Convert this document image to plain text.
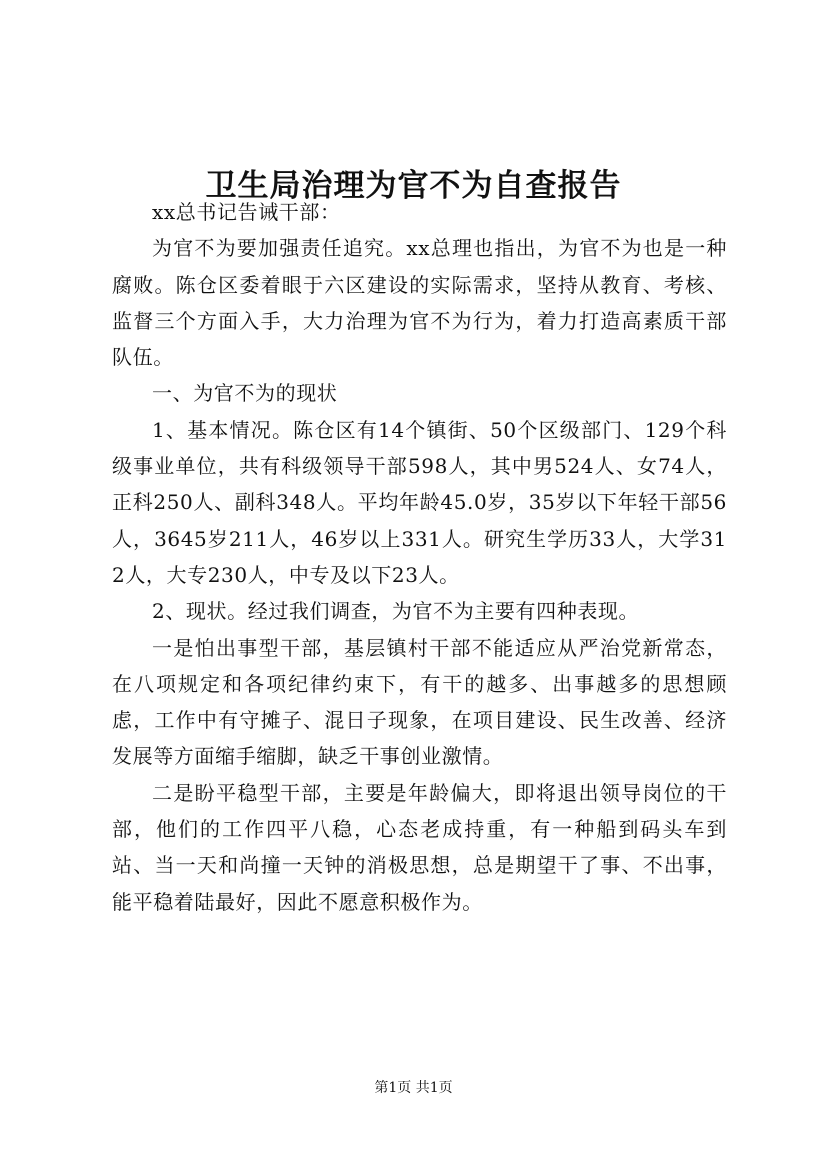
卫生局治理为官不为自查报告

xx总书记告诫干部：

为官不为要加强责任追究。xx总理也指出，为官不为也是一种腐败。陈仓区委着眼于六区建设的实际需求，坚持从教育、考核、监督三个方面入手，大力治理为官不为行为，着力打造高素质干部队伍。

一、为官不为的现状

1、基本情况。陈仓区有14个镇街、50个区级部门、129个科级事业单位，共有科级领导干部598人，其中男524人、女74人，正科250人、副科348人。平均年龄45.0岁，35岁以下年轻干部56人，3645岁211人，46岁以上331人。研究生学历33人，大学312人，大专230人，中专及以下23人。

2、现状。经过我们调查，为官不为主要有四种表现。

一是怕出事型干部，基层镇村干部不能适应从严治党新常态，在八项规定和各项纪律约束下，有干的越多、出事越多的思想顾虑，工作中有守摊子、混日子现象，在项目建设、民生改善、经济发展等方面缩手缩脚，缺乏干事创业激情。

二是盼平稳型干部，主要是年龄偏大，即将退出领导岗位的干部，他们的工作四平八稳，心态老成持重，有一种船到码头车到站、当一天和尚撞一天钟的消极思想，总是期望干了事、不出事，能平稳着陆最好，因此不愿意积极作为。

第1页 共1页
